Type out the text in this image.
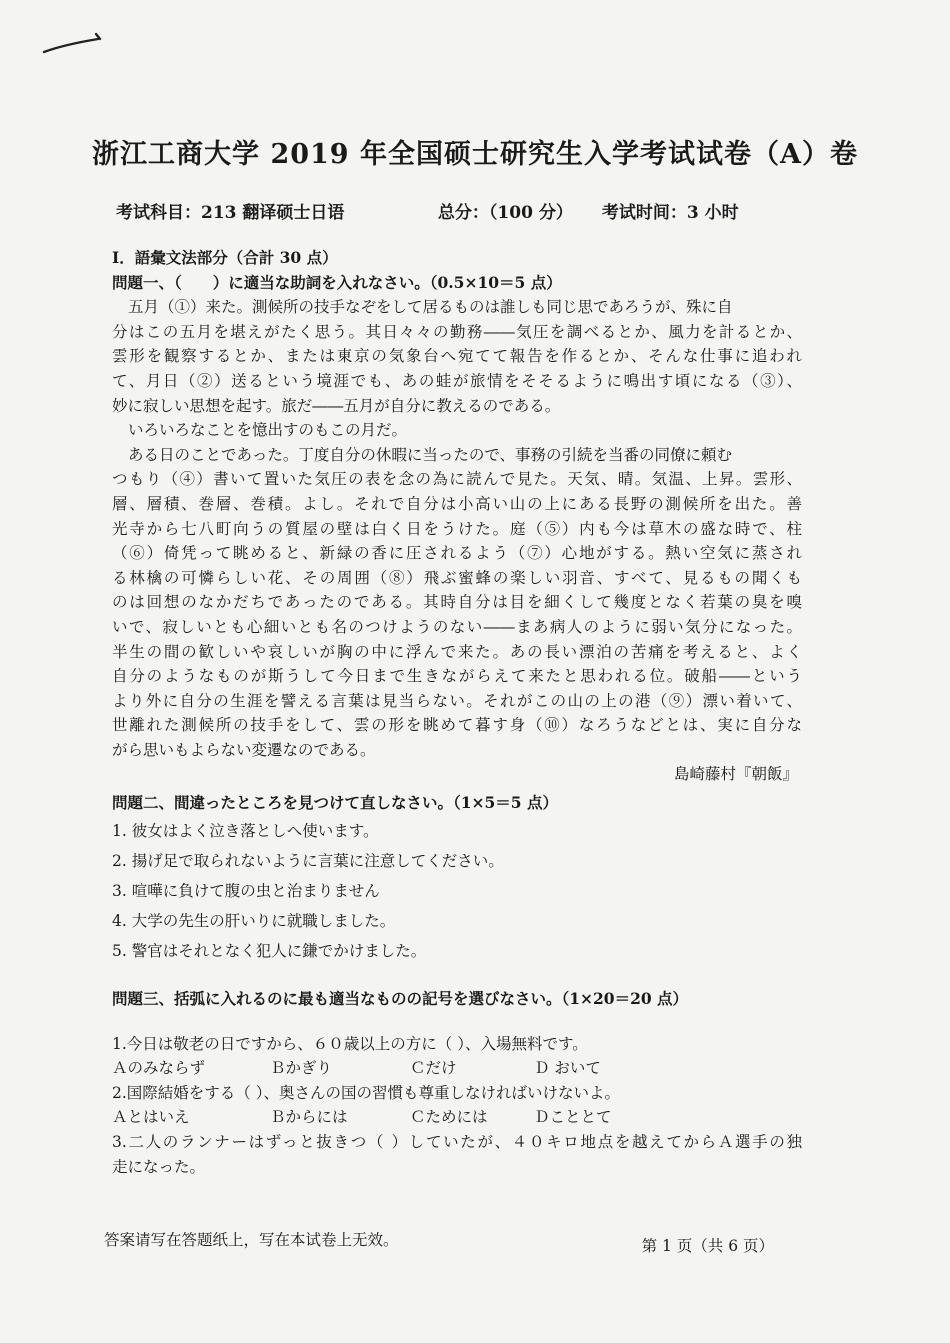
浙江工商大学 2019 年全国硕士研究生入学考试试卷（A）卷
考试科目：213 翻译硕士日语	总分：（100 分） 考试时间：3 小时
Ⅰ．語彙文法部分（合計 30 点）
問題一、（　　）に適当な助詞を入れなさい。（0.5×10＝5 点）
五月（①）来た。測候所の技手なぞをして居るものは誰しも同じ思であろうが、殊に自
分はこの五月を堪えがたく思う。其日々々の勤務――気圧を調べるとか、風力を計るとか、
雲形を観察するとか、または東京の気象台へ宛てて報告を作るとか、そんな仕事に追われ
て、月日（②）送るという境涯でも、あの蛙が旅情をそそるように鳴出す頃になる（③）、
妙に寂しい思想を起す。旅だ――五月が自分に教えるのである。
いろいろなことを憶出すのもこの月だ。
ある日のことであった。丁度自分の休暇に当ったので、事務の引続を当番の同僚に頼む
つもり（④）書いて置いた気圧の表を念の為に読んで見た。天気、晴。気温、上昇。雲形、
層、層積、巻層、巻積。よし。それで自分は小高い山の上にある長野の測候所を出た。善
光寺から七八町向うの質屋の壁は白く日をうけた。庭（⑤）内も今は草木の盛な時で、柱
（⑥）倚凭って眺めると、新緑の香に圧されるよう（⑦）心地がする。熱い空気に蒸され
る林檎の可憐らしい花、その周囲（⑧）飛ぶ蜜蜂の楽しい羽音、すべて、見るもの聞くも
のは回想のなかだちであったのである。其時自分は目を細くして幾度となく若葉の臭を嗅
いで、寂しいとも心細いとも名のつけようのない――まあ病人のように弱い気分になった。
半生の間の歓しいや哀しいが胸の中に浮んで来た。あの長い漂泊の苦痛を考えると、よく
自分のようなものが斯うして今日まで生きながらえて来たと思われる位。破船――という
より外に自分の生涯を譬える言葉は見当らない。それがこの山の上の港（⑨）漂い着いて、
世離れた測候所の技手をして、雲の形を眺めて暮す身（⑩）なろうなどとは、実に自分な
がら思いもよらない変遷なのである。
島崎藤村『朝飯』
問題二、間違ったところを見つけて直しなさい。（1×5＝5 点）
1. 彼女はよく泣き落としへ使います。
2. 揚げ足で取られないように言葉に注意してください。
3. 喧嘩に負けて腹の虫と治まりません
4. 大学の先生の肝いりに就職しました。
5. 警官はそれとなく犯人に鎌でかけました。
問題三、括弧に入れるのに最も適当なものの記号を選びなさい。（1×20＝20 点）
1.今日は敬老の日ですから、６０歳以上の方に（ ）、入場無料です。
Ａのみならず	Ｂかぎり	Ｃだけ	Ｄ おいて
2.国際結婚をする（ ）、奥さんの国の習慣も尊重しなければいけないよ。
Ａとはいえ	Ｂからには	Ｃためには	Ｄこととて
3.二人のランナーはずっと抜きつ（ ）していたが、４０キロ地点を越えてからＡ選手の独
走になった。
答案请写在答题纸上，写在本试卷上无效。	第 1 页（共 6 页）
